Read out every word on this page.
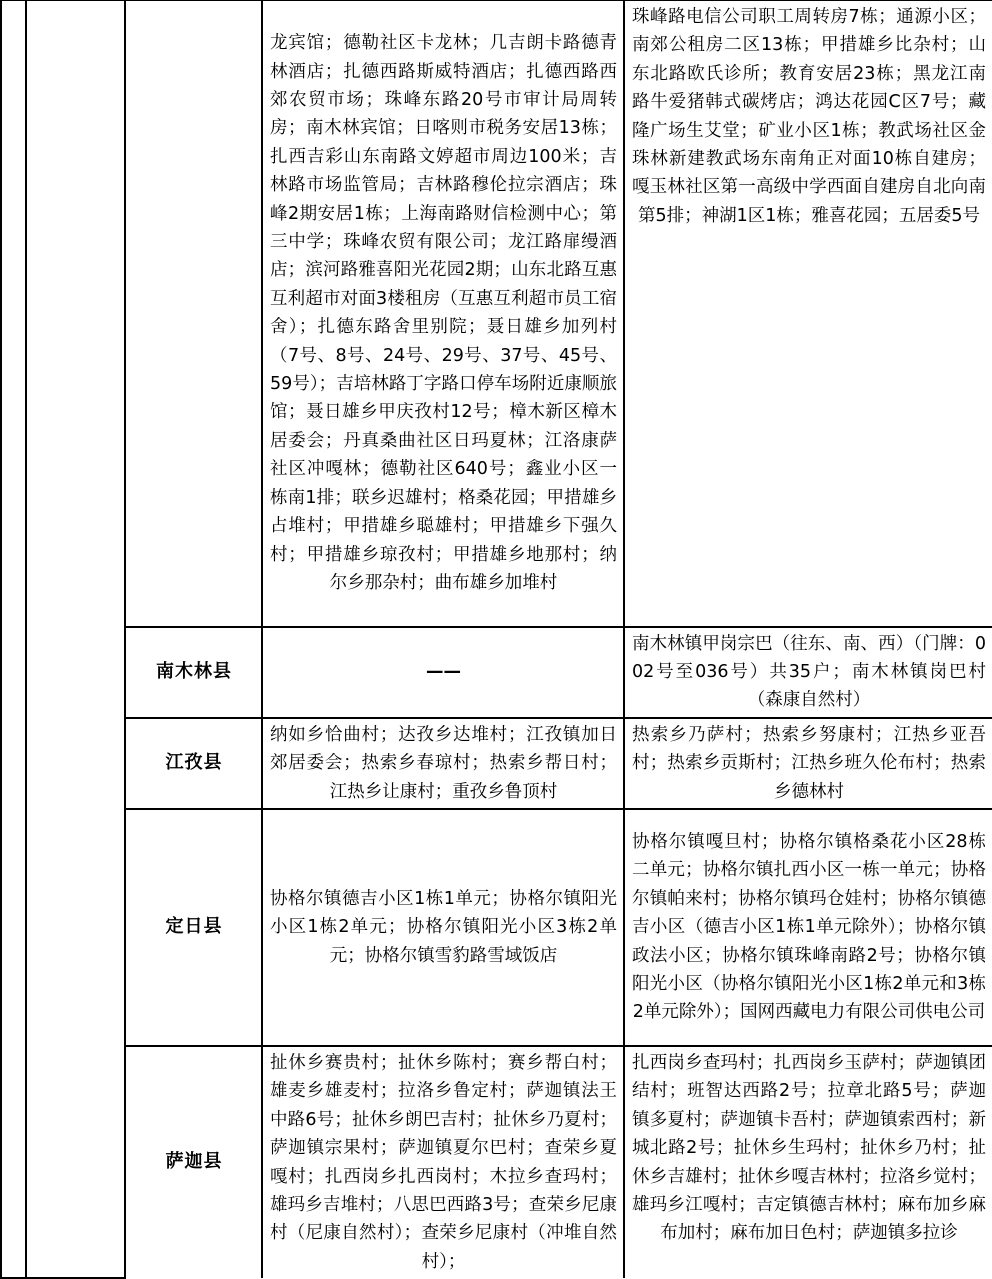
			龙宾馆；德勒社区卡龙林；几吉朗卡路德青林酒店；扎德西路斯威特酒店；扎德西路西郊农贸市场；珠峰东路20号市审计局周转房；南木林宾馆；日喀则市税务安居13栋；扎西吉彩山东南路文婷超市周边100米；吉林路市场监管局；吉林路穆伦拉宗酒店；珠峰2期安居1栋；上海南路财信检测中心；第三中学；珠峰农贸有限公司；龙江路扉缦酒店；滨河路雅喜阳光花园2期；山东北路互惠互利超市对面3楼租房（互惠互利超市员工宿舍）；扎德东路舍里别院；聂日雄乡加列村（7号、8号、24号、29号、37号、45号、59号）；吉培林路丁字路口停车场附近康顺旅馆；聂日雄乡甲庆孜村12号；樟木新区樟木居委会；丹真桑曲社区日玛夏林；江洛康萨社区冲嘎林；德勒社区640号；鑫业小区一栋南1排；联乡迟雄村；格桑花园；甲措雄乡占堆村；甲措雄乡聪雄村；甲措雄乡下强久村；甲措雄乡琼孜村；甲措雄乡地那村；纳尔乡那杂村；曲布雄乡加堆村	珠峰路电信公司职工周转房7栋；通源小区；南郊公租房二区13栋；甲措雄乡比杂村；山东北路欧氏诊所；教育安居23栋；黑龙江南路牛爱猪韩式碳烤店；鸿达花园C区7号；藏隆广场生艾堂；矿业小区1栋；教武场社区金珠林新建教武场东南角正对面10栋自建房；嘎玉林社区第一高级中学西面自建房自北向南第5排；神湖1区1栋；雅喜花园；五居委5号
		南木林县	——	南木林镇甲岗宗巴（往东、南、西）（门牌：002号至036号）共35户；南木林镇岗巴村（森康自然村）
		江孜县	纳如乡恰曲村；达孜乡达堆村；江孜镇加日郊居委会；热索乡春琼村；热索乡帮日村；江热乡让康村；重孜乡鲁顶村	热索乡乃萨村；热索乡努康村；江热乡亚吾村；热索乡贡斯村；江热乡班久伦布村；热索乡德林村
		定日县	协格尔镇德吉小区1栋1单元；协格尔镇阳光小区1栋2单元；协格尔镇阳光小区3栋2单元；协格尔镇雪豹路雪域饭店	协格尔镇嘎旦村；协格尔镇格桑花小区28栋二单元；协格尔镇扎西小区一栋一单元；协格尔镇帕来村；协格尔镇玛仓娃村；协格尔镇德吉小区（德吉小区1栋1单元除外）；协格尔镇政法小区；协格尔镇珠峰南路2号；协格尔镇阳光小区（协格尔镇阳光小区1栋2单元和3栋2单元除外）；国网西藏电力有限公司供电公司
		萨迦县	扯休乡赛贵村；扯休乡陈村；赛乡帮白村；雄麦乡雄麦村；拉洛乡鲁定村；萨迦镇法王中路6号；扯休乡朗巴吉村；扯休乡乃夏村；萨迦镇宗果村；萨迦镇夏尔巴村；查荣乡夏嘎村；扎西岗乡扎西岗村；木拉乡查玛村；雄玛乡吉堆村；八思巴西路3号；查荣乡尼康村（尼康自然村）；查荣乡尼康村（冲堆自然村）；	扎西岗乡查玛村；扎西岗乡玉萨村；萨迦镇团结村；班智达西路2号；拉章北路5号；萨迦镇多夏村；萨迦镇卡吾村；萨迦镇索西村；新城北路2号；扯休乡生玛村；扯休乡乃村；扯休乡吉雄村；扯休乡嘎吉林村；拉洛乡觉村；雄玛乡江嘎村；吉定镇德吉林村；麻布加乡麻布加村；麻布加日色村；萨迦镇多拉诊
